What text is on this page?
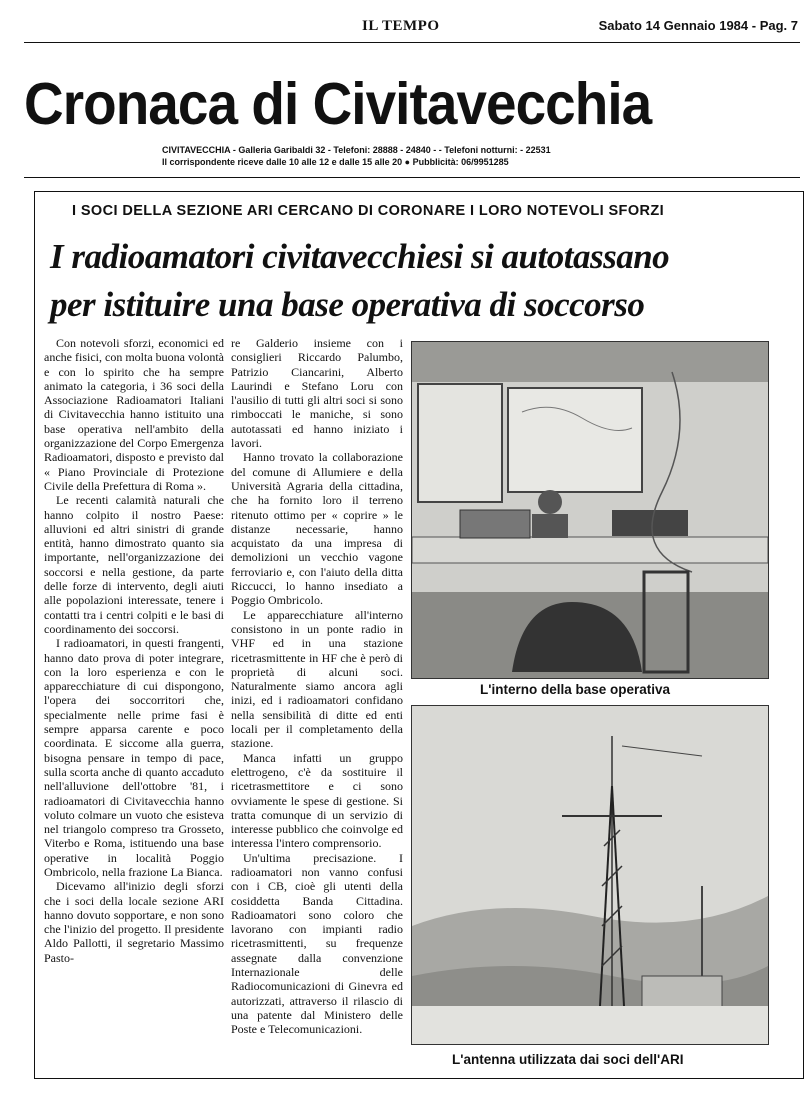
IL TEMPO	Sabato 14 Gennaio 1984 - Pag. 7
Cronaca di Civitavecchia
CIVITAVECCHIA - Galleria Garibaldi 32 - Telefoni: 28888 - 24840 - - Telefoni notturni: - 22531
Il corrispondente riceve dalle 10 alle 12 e dalle 15 alle 20 ● Pubblicità: 06/9951285
I SOCI DELLA SEZIONE ARI CERCANO DI CORONARE I LORO NOTEVOLI SFORZI
I radioamatori civitavecchiesi si autotassano
per istituire una base operativa di soccorso

Con notevoli sforzi, economici ed anche fisici, con molta buona volontà e con lo spirito che ha sempre animato la categoria, i 36 soci della Associazione Radioamatori Italiani di Civitavecchia hanno istituito una base operativa nell'ambito della organizzazione del Corpo Emergenza Radioamatori, disposto e previsto dal « Piano Provinciale di Protezione Civile della Prefettura di Roma ».

Le recenti calamità naturali che hanno colpito il nostro Paese: alluvioni ed altri sinistri di grande entità, hanno dimostrato quanto sia importante, nell'organizzazione dei soccorsi e nella gestione, da parte delle forze di intervento, degli aiuti alle popolazioni interessate, tenere i contatti tra i centri colpiti e le basi di coordinamento dei soccorsi.

I radioamatori, in questi frangenti, hanno dato prova di poter integrare, con la loro esperienza e con le apparecchiature di cui dispongono, l'opera dei soccorritori che, specialmente nelle prime fasi è sempre apparsa carente e poco coordinata. E siccome alla guerra, bisogna pensare in tempo di pace, sulla scorta anche di quanto accaduto nell'alluvione dell'ottobre '81, i radioamatori di Civitavecchia hanno voluto colmare un vuoto che esisteva nel triangolo compreso tra Grosseto, Viterbo e Roma, istituendo una base operative in località Poggio Ombricolo, nella frazione La Bianca.

Dicevamo all'inizio degli sforzi che i soci della locale sezione ARI hanno dovuto sopportare, e non sono che l'inizio del progetto. Il presidente Aldo Pallotti, il segretario Massimo Pasto-

re Galderio insieme con i consiglieri Riccardo Palumbo, Patrizio Ciancarini, Alberto Laurindi e Stefano Loru con l'ausilio di tutti gli altri soci si sono rimboccati le maniche, si sono autotassati ed hanno iniziato i lavori.

Hanno trovato la collaborazione del comune di Allumiere e della Università Agraria della cittadina, che ha fornito loro il terreno ritenuto ottimo per « coprire » le distanze necessarie, hanno acquistato da una impresa di demolizioni un vecchio vagone ferroviario e, con l'aiuto della ditta Riccucci, lo hanno insediato a Poggio Ombricolo.

Le apparecchiature all'interno consistono in un ponte radio in VHF ed in una stazione ricetrasmittente in HF che è però di proprietà di alcuni soci. Naturalmente siamo ancora agli inizi, ed i radioamatori confidano nella sensibilità di ditte ed enti locali per il completamento della stazione.

Manca infatti un gruppo elettrogeno, c'è da sostituire il ricetrasmettitore e ci sono ovviamente le spese di gestione. Si tratta comunque di un servizio di interesse pubblico che coinvolge ed interessa l'intero comprensorio.

Un'ultima precisazione. I radioamatori non vanno confusi con i CB, cioè gli utenti della cosiddetta Banda Cittadina. Radioamatori sono coloro che lavorano con impianti radio ricetrasmittenti, su frequenze assegnate dalla convenzione Internazionale delle Radiocomunicazioni di Ginevra ed autorizzati, attraverso il rilascio di una patente dal Ministero delle Poste e Telecomunicazioni.

L'interno della base operativa
L'antenna utilizzata dai soci dell'ARI
